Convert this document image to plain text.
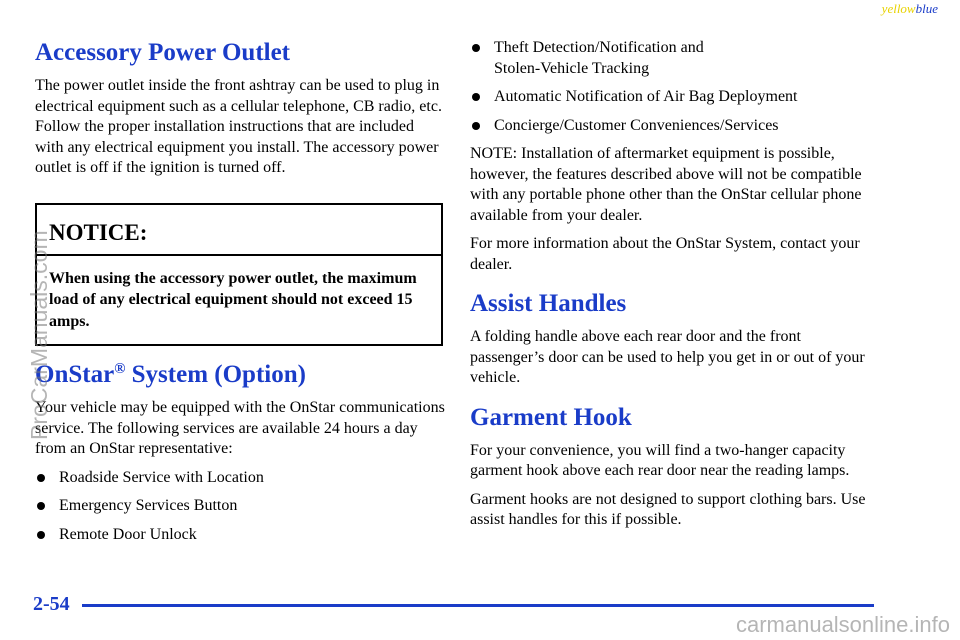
yellowblue
Accessory Power Outlet

The power outlet inside the front ashtray can be used to plug in electrical equipment such as a cellular telephone, CB radio, etc. Follow the proper installation instructions that are included with any electrical equipment you install. The accessory power outlet is off if the ignition is turned off.

NOTICE:
When using the accessory power outlet, the maximum load of any electrical equipment should not exceed 15 amps.
OnStar® System (Option)

Your vehicle may be equipped with the OnStar communications service. The following services are available 24 hours a day from an OnStar representative:

Roadside Service with Location
Emergency Services Button
Remote Door Unlock
Theft Detection/Notification and
Stolen-Vehicle Tracking
Automatic Notification of Air Bag Deployment
Concierge/Customer Conveniences/Services

NOTE: Installation of aftermarket equipment is possible, however, the features described above will not be compatible with any portable phone other than the OnStar cellular phone available from your dealer.

For more information about the OnStar System, contact your dealer.

Assist Handles

A folding handle above each rear door and the front passenger’s door can be used to help you get in or out of your vehicle.

Garment Hook

For your convenience, you will find a two-hanger capacity garment hook above each rear door near the reading lamps.

Garment hooks are not designed to support clothing bars. Use assist handles for this if possible.

2-54
ProCarManuals.com
carmanualsonline.info
